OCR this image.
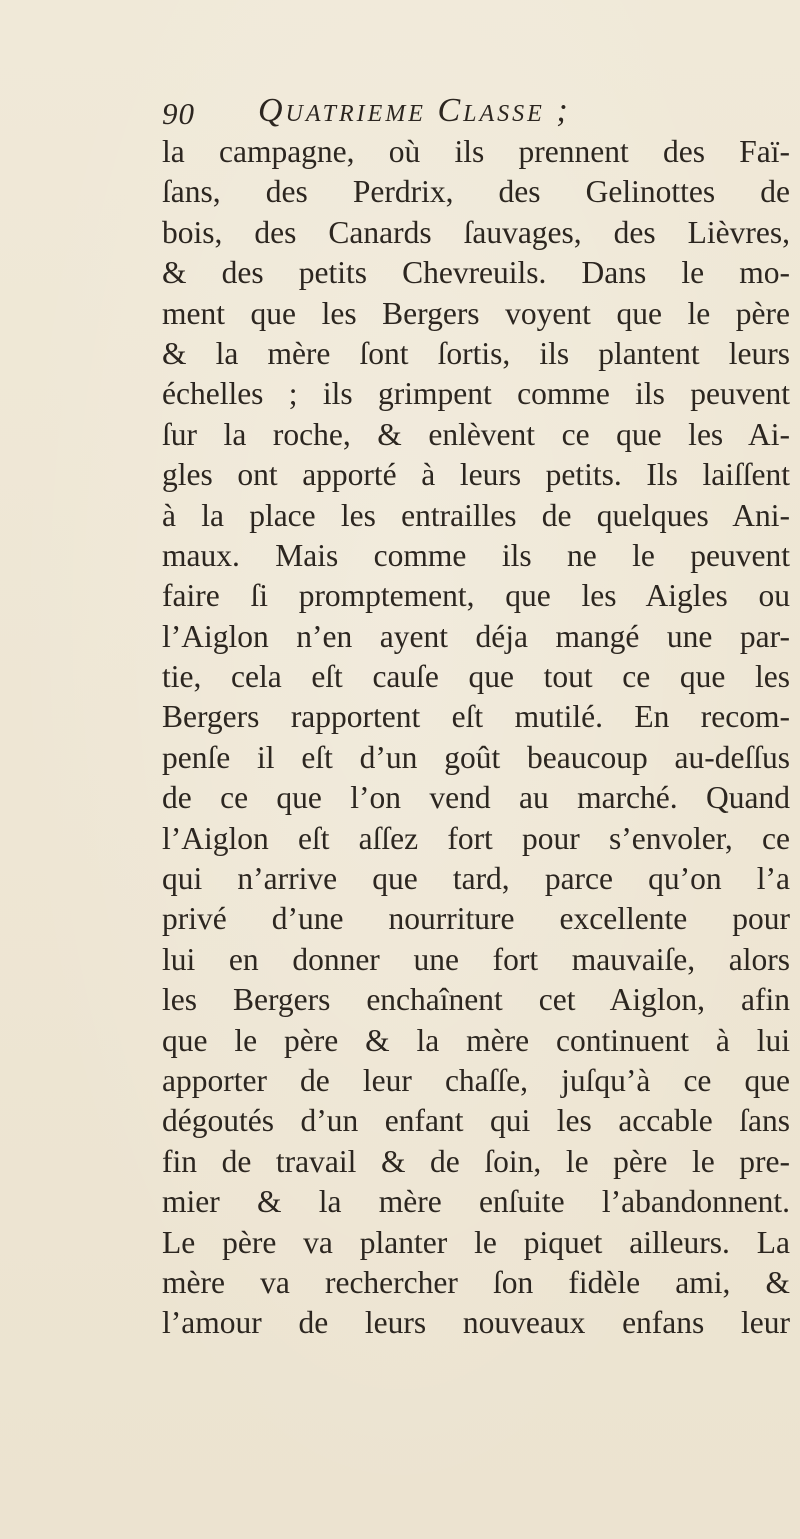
90 Quatrieme Classe ;
la campagne, où ils prennent des Faï-
ſans, des Perdrix, des Gelinottes de
bois, des Canards ſauvages, des Lièvres,
& des petits Chevreuils. Dans le mo-
ment que les Bergers voyent que le père
& la mère ſont ſortis, ils plantent leurs
échelles ; ils grimpent comme ils peuvent
ſur la roche, & enlèvent ce que les Ai-
gles ont apporté à leurs petits. Ils laiſſent
à la place les entrailles de quelques Ani-
maux. Mais comme ils ne le peuvent
faire ſi promptement, que les Aigles ou
l’Aiglon n’en ayent déja mangé une par-
tie, cela eſt cauſe que tout ce que les
Bergers rapportent eſt mutilé. En recom-
penſe il eſt d’un goût beaucoup au-deſſus
de ce que l’on vend au marché. Quand
l’Aiglon eſt aſſez fort pour s’envoler, ce
qui n’arrive que tard, parce qu’on l’a
privé d’une nourriture excellente pour
lui en donner une fort mauvaiſe, alors
les Bergers enchaînent cet Aiglon, afin
que le père & la mère continuent à lui
apporter de leur chaſſe, juſqu’à ce que
dégoutés d’un enfant qui les accable ſans
fin de travail & de ſoin, le père le pre-
mier & la mère enſuite l’abandonnent.
Le père va planter le piquet ailleurs. La
mère va rechercher ſon fidèle ami, &
l’amour de leurs nouveaux enfans leur
